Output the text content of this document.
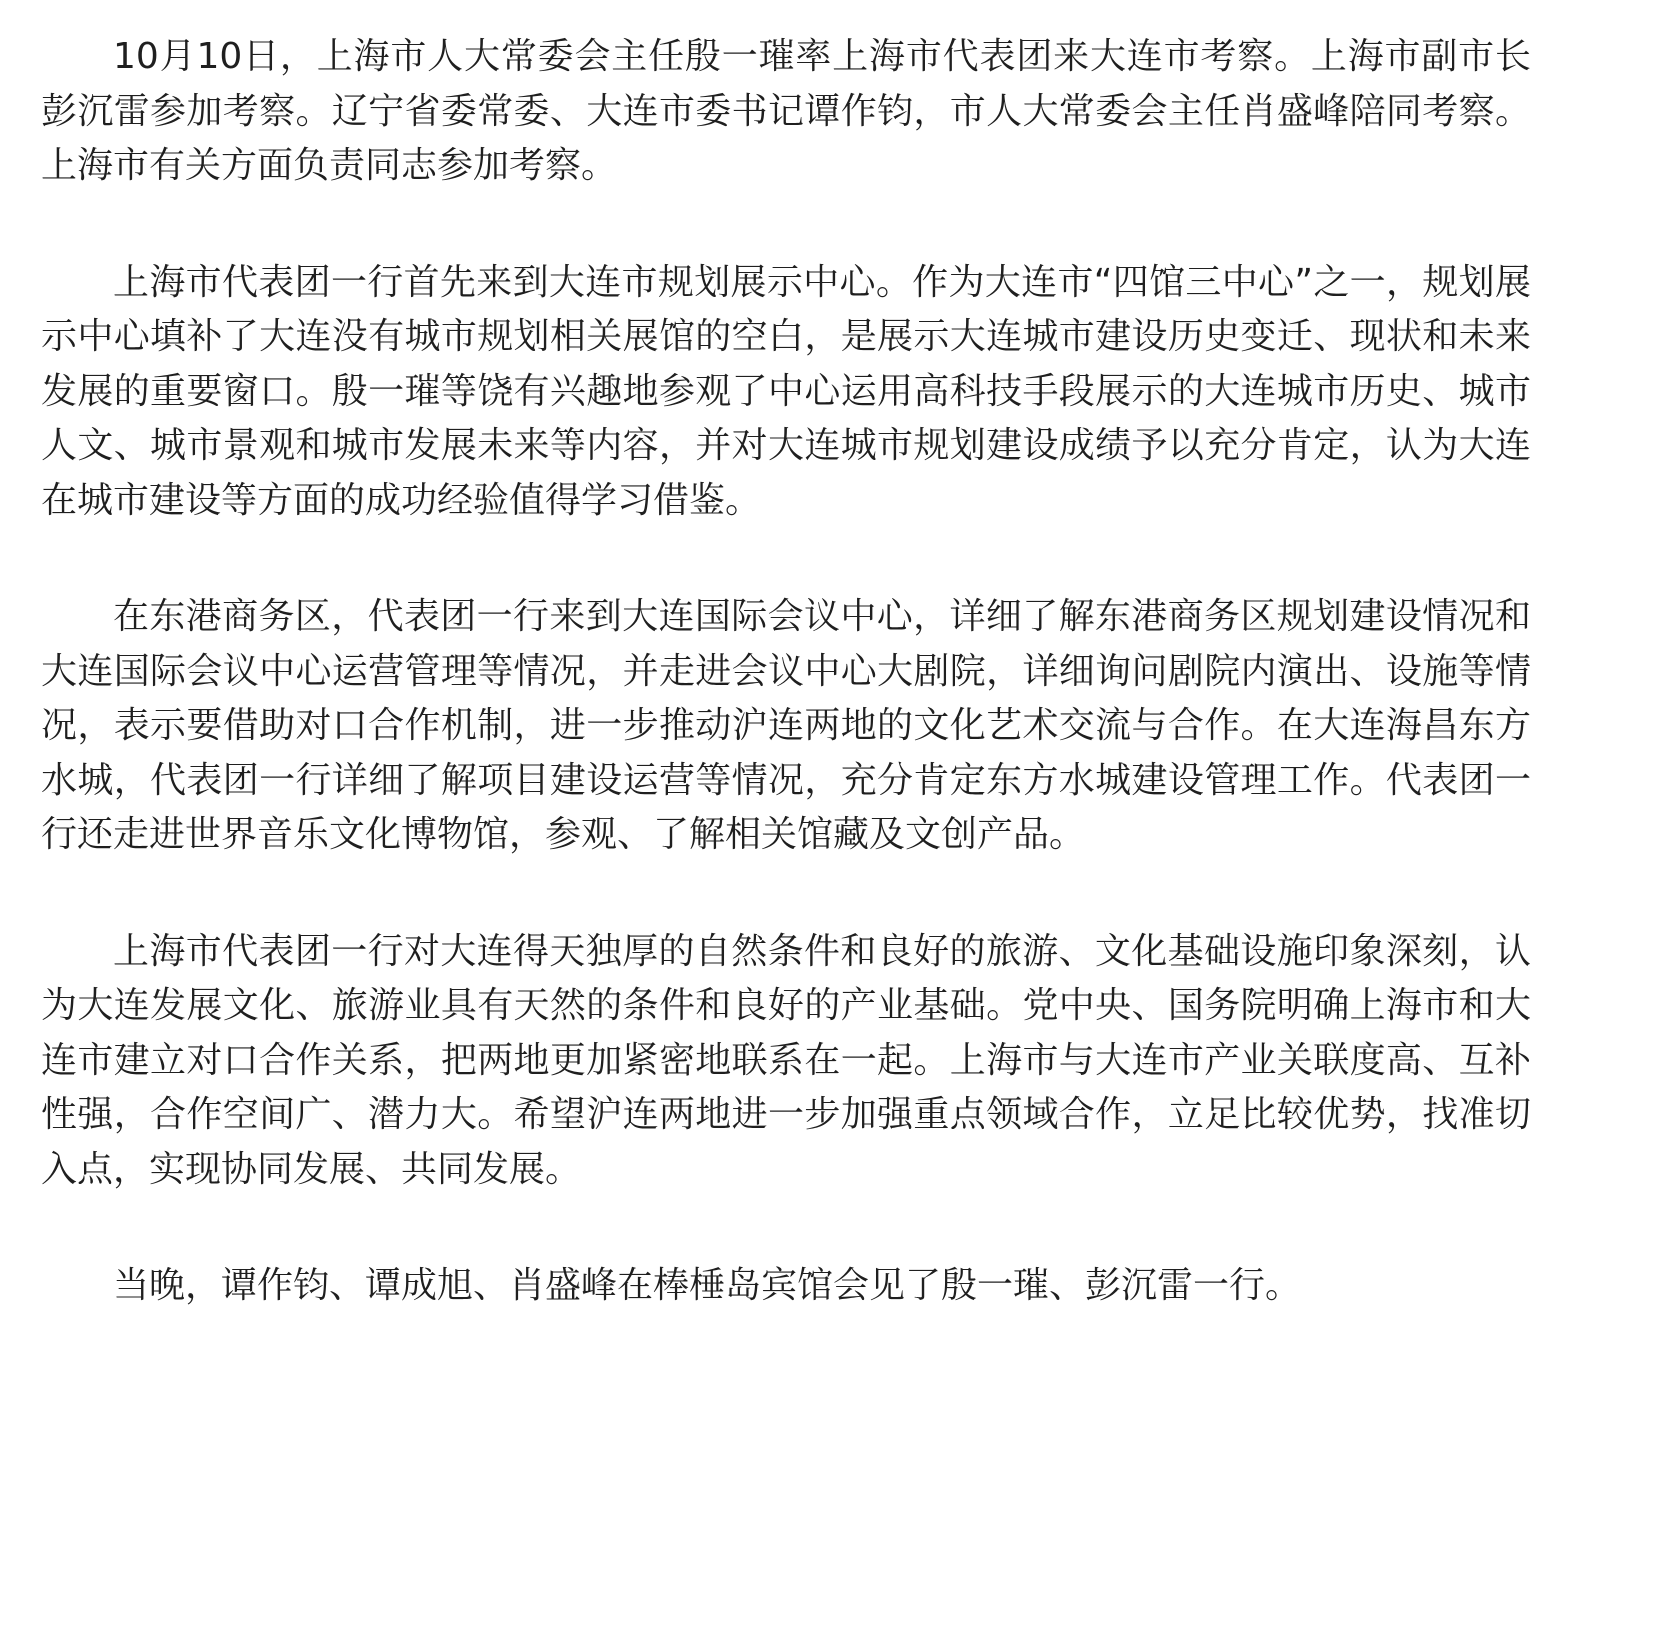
10月10日，上海市人大常委会主任殷一璀率上海市代表团来大连市考察。上海市副市长彭沉雷参加考察。辽宁省委常委、大连市委书记谭作钧，市人大常委会主任肖盛峰陪同考察。上海市有关方面负责同志参加考察。

上海市代表团一行首先来到大连市规划展示中心。作为大连市“四馆三中心”之一，规划展示中心填补了大连没有城市规划相关展馆的空白，是展示大连城市建设历史变迁、现状和未来发展的重要窗口。殷一璀等饶有兴趣地参观了中心运用高科技手段展示的大连城市历史、城市人文、城市景观和城市发展未来等内容，并对大连城市规划建设成绩予以充分肯定，认为大连在城市建设等方面的成功经验值得学习借鉴。

在东港商务区，代表团一行来到大连国际会议中心，详细了解东港商务区规划建设情况和大连国际会议中心运营管理等情况，并走进会议中心大剧院，详细询问剧院内演出、设施等情况，表示要借助对口合作机制，进一步推动沪连两地的文化艺术交流与合作。在大连海昌东方水城，代表团一行详细了解项目建设运营等情况，充分肯定东方水城建设管理工作。代表团一行还走进世界音乐文化博物馆，参观、了解相关馆藏及文创产品。

上海市代表团一行对大连得天独厚的自然条件和良好的旅游、文化基础设施印象深刻，认为大连发展文化、旅游业具有天然的条件和良好的产业基础。党中央、国务院明确上海市和大连市建立对口合作关系，把两地更加紧密地联系在一起。上海市与大连市产业关联度高、互补性强，合作空间广、潜力大。希望沪连两地进一步加强重点领域合作，立足比较优势，找准切入点，实现协同发展、共同发展。

当晚，谭作钧、谭成旭、肖盛峰在棒棰岛宾馆会见了殷一璀、彭沉雷一行。
